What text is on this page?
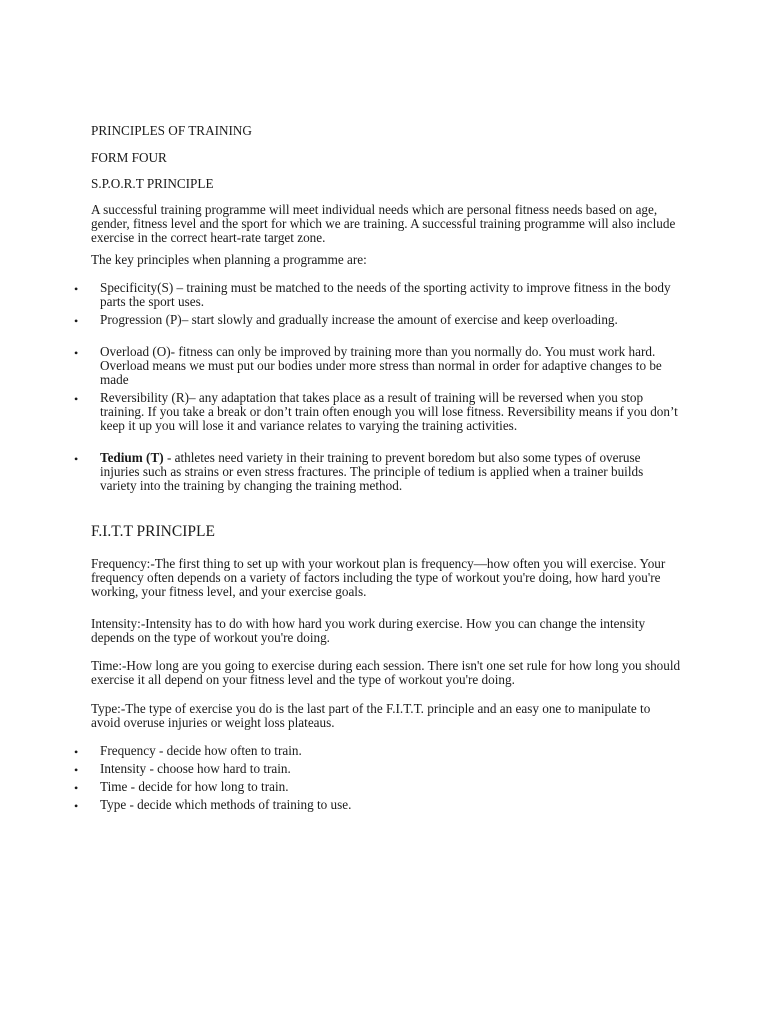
PRINCIPLES OF TRAINING

FORM FOUR

S.P.O.R.T PRINCIPLE

A successful training programme will meet individual needs which are personal fitness needs based on age, gender, fitness level and the sport for which we are training. A successful training programme will also include exercise in the correct heart-rate target zone.

The key principles when planning a programme are:

• Specificity(S) – training must be matched to the needs of the sporting activity to improve fitness in the body parts the sport uses.
• Progression (P)– start slowly and gradually increase the amount of exercise and keep overloading.
• Overload (O)- fitness can only be improved by training more than you normally do. You must work hard. Overload means we must put our bodies under more stress than normal in order for adaptive changes to be made
• Reversibility (R)– any adaptation that takes place as a result of training will be reversed when you stop training. If you take a break or don’t train often enough you will lose fitness. Reversibility means if you don’t keep it up you will lose it and variance relates to varying the training activities.
• Tedium (T) - athletes need variety in their training to prevent boredom but also some types of overuse injuries such as strains or even stress fractures. The principle of tedium is applied when a trainer builds variety into the training by changing the training method.

F.I.T.T PRINCIPLE

Frequency:-The first thing to set up with your workout plan is frequency—how often you will exercise. Your frequency often depends on a variety of factors including the type of workout you're doing, how hard you're working, your fitness level, and your exercise goals.

Intensity:-Intensity has to do with how hard you work during exercise. How you can change the intensity depends on the type of workout you're doing.

Time:-How long are you going to exercise during each session. There isn't one set rule for how long you should exercise it all depend on your fitness level and the type of workout you're doing.

Type:-The type of exercise you do is the last part of the F.I.T.T. principle and an easy one to manipulate to avoid overuse injuries or weight loss plateaus.

• Frequency - decide how often to train.
• Intensity - choose how hard to train.
• Time - decide for how long to train.
• Type - decide which methods of training to use.
